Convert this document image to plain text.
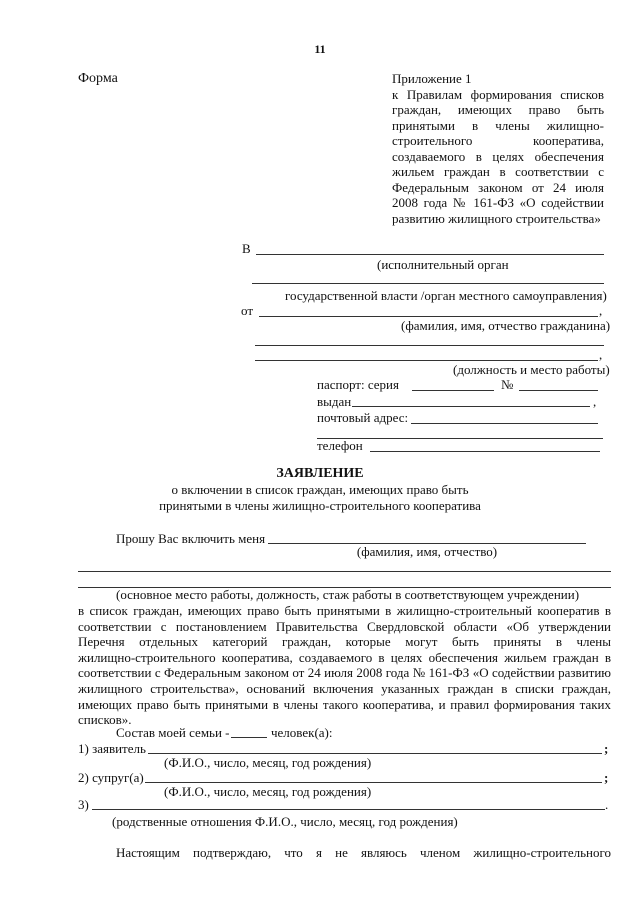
11
Форма	Приложение 1
к Правилам формирования списков
граждан, имеющих право быть
принятыми в члены жилищно-
строительного кооператива,
создаваемого в целях обеспечения
жильем граждан в соответствии с
Федеральным законом от 24 июля
2008 года № 161-ФЗ «О содействии
развитию жилищного строительства»
В
(исполнительный орган
государственной власти /орган местного самоуправления)
от	,
(фамилия, имя, отчество гражданина)
,
(должность и место работы)
паспорт: серия	№
выдан	,
почтовый адрес:
телефон
ЗАЯВЛЕНИЕ
о включении в список граждан, имеющих право быть
принятыми в члены жилищно-строительного кооператива
Прошу Вас включить меня
(фамилия, имя, отчество)
(основное место работы, должность, стаж работы в соответствующем учреждении)
в список граждан, имеющих право быть принятыми в жилищно-строительный кооператив в
соответствии с постановлением Правительства Свердловской области «Об утверждении
Перечня отдельных категорий граждан, которые могут быть приняты в члены
жилищно-строительного кооператива, создаваемого в целях обеспечения жильем граждан в
соответствии с Федеральным законом от 24 июля 2008 года № 161-ФЗ «О содействии развитию
жилищного строительства», оснований включения указанных граждан в списки граждан,
имеющих право быть принятыми в члены такого кооператива, и правил формирования таких
списков».
Состав моей семьи -	человек(а):
1) заявитель	;
(Ф.И.О., число, месяц, год рождения)
2) супруг(а)	;
(Ф.И.О., число, месяц, год рождения)
3)	.
(родственные отношения Ф.И.О., число, месяц, год рождения)
Настоящим подтверждаю, что я не являюсь членом жилищно-строительного
